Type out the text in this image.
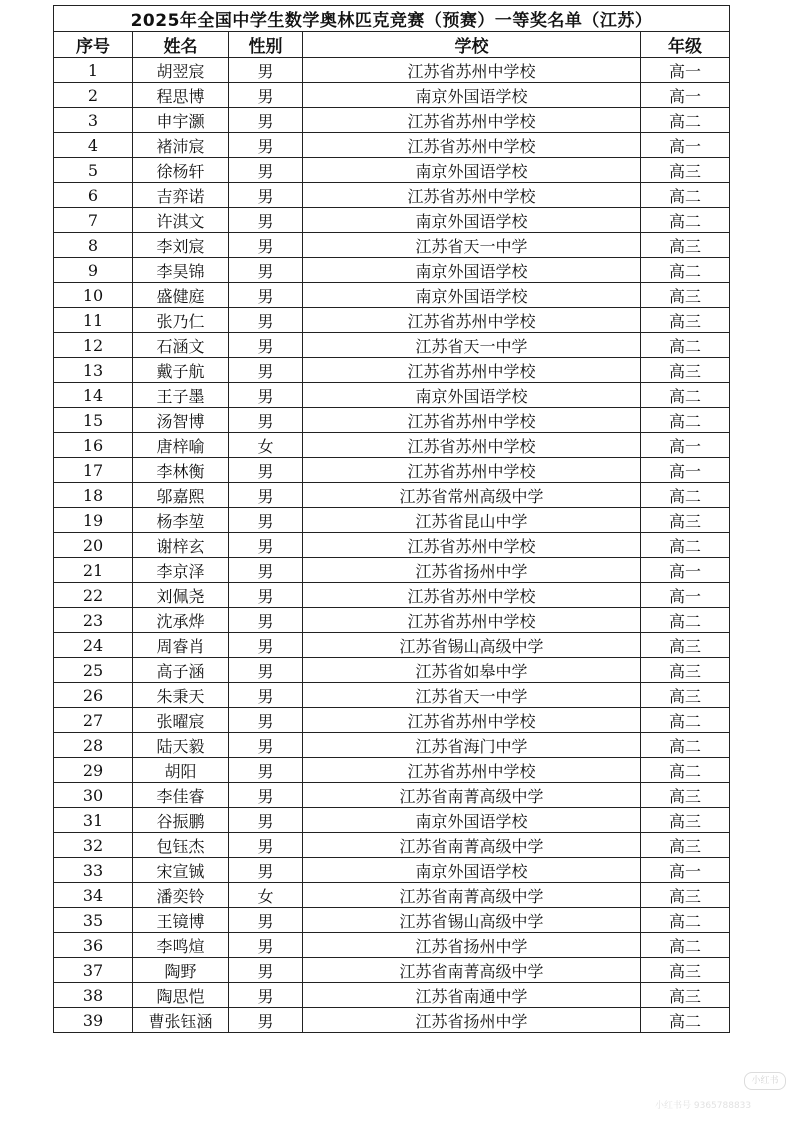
2025年全国中学生数学奥林匹克竞赛（预赛）一等奖名单（江苏）				
序号	姓名	性别	学校	年级
1	胡翌宸	男	江苏省苏州中学校	高一
2	程思博	男	南京外国语学校	高一
3	申宇灏	男	江苏省苏州中学校	高二
4	褚沛宸	男	江苏省苏州中学校	高一
5	徐杨轩	男	南京外国语学校	高三
6	吉弈诺	男	江苏省苏州中学校	高二
7	许淇文	男	南京外国语学校	高二
8	李刘宸	男	江苏省天一中学	高三
9	李昊锦	男	南京外国语学校	高二
10	盛健庭	男	南京外国语学校	高三
11	张乃仁	男	江苏省苏州中学校	高三
12	石涵文	男	江苏省天一中学	高二
13	戴子航	男	江苏省苏州中学校	高三
14	王子墨	男	南京外国语学校	高二
15	汤智博	男	江苏省苏州中学校	高二
16	唐梓喻	女	江苏省苏州中学校	高一
17	李林衡	男	江苏省苏州中学校	高一
18	邬嘉熙	男	江苏省常州高级中学	高二
19	杨李堃	男	江苏省昆山中学	高三
20	谢梓玄	男	江苏省苏州中学校	高二
21	李京泽	男	江苏省扬州中学	高一
22	刘佩尧	男	江苏省苏州中学校	高一
23	沈承烨	男	江苏省苏州中学校	高二
24	周睿肖	男	江苏省锡山高级中学	高三
25	高子涵	男	江苏省如皋中学	高三
26	朱秉天	男	江苏省天一中学	高三
27	张曜宸	男	江苏省苏州中学校	高二
28	陆天毅	男	江苏省海门中学	高二
29	胡阳	男	江苏省苏州中学校	高二
30	李佳睿	男	江苏省南菁高级中学	高三
31	谷振鹏	男	南京外国语学校	高三
32	包钰杰	男	江苏省南菁高级中学	高三
33	宋宣铖	男	南京外国语学校	高一
34	潘奕铃	女	江苏省南菁高级中学	高三
35	王镜博	男	江苏省锡山高级中学	高二
36	李鸣煊	男	江苏省扬州中学	高二
37	陶野	男	江苏省南菁高级中学	高三
38	陶思恺	男	江苏省南通中学	高三
39	曹张钰涵	男	江苏省扬州中学	高二
小红书
小红书号 9365788833
